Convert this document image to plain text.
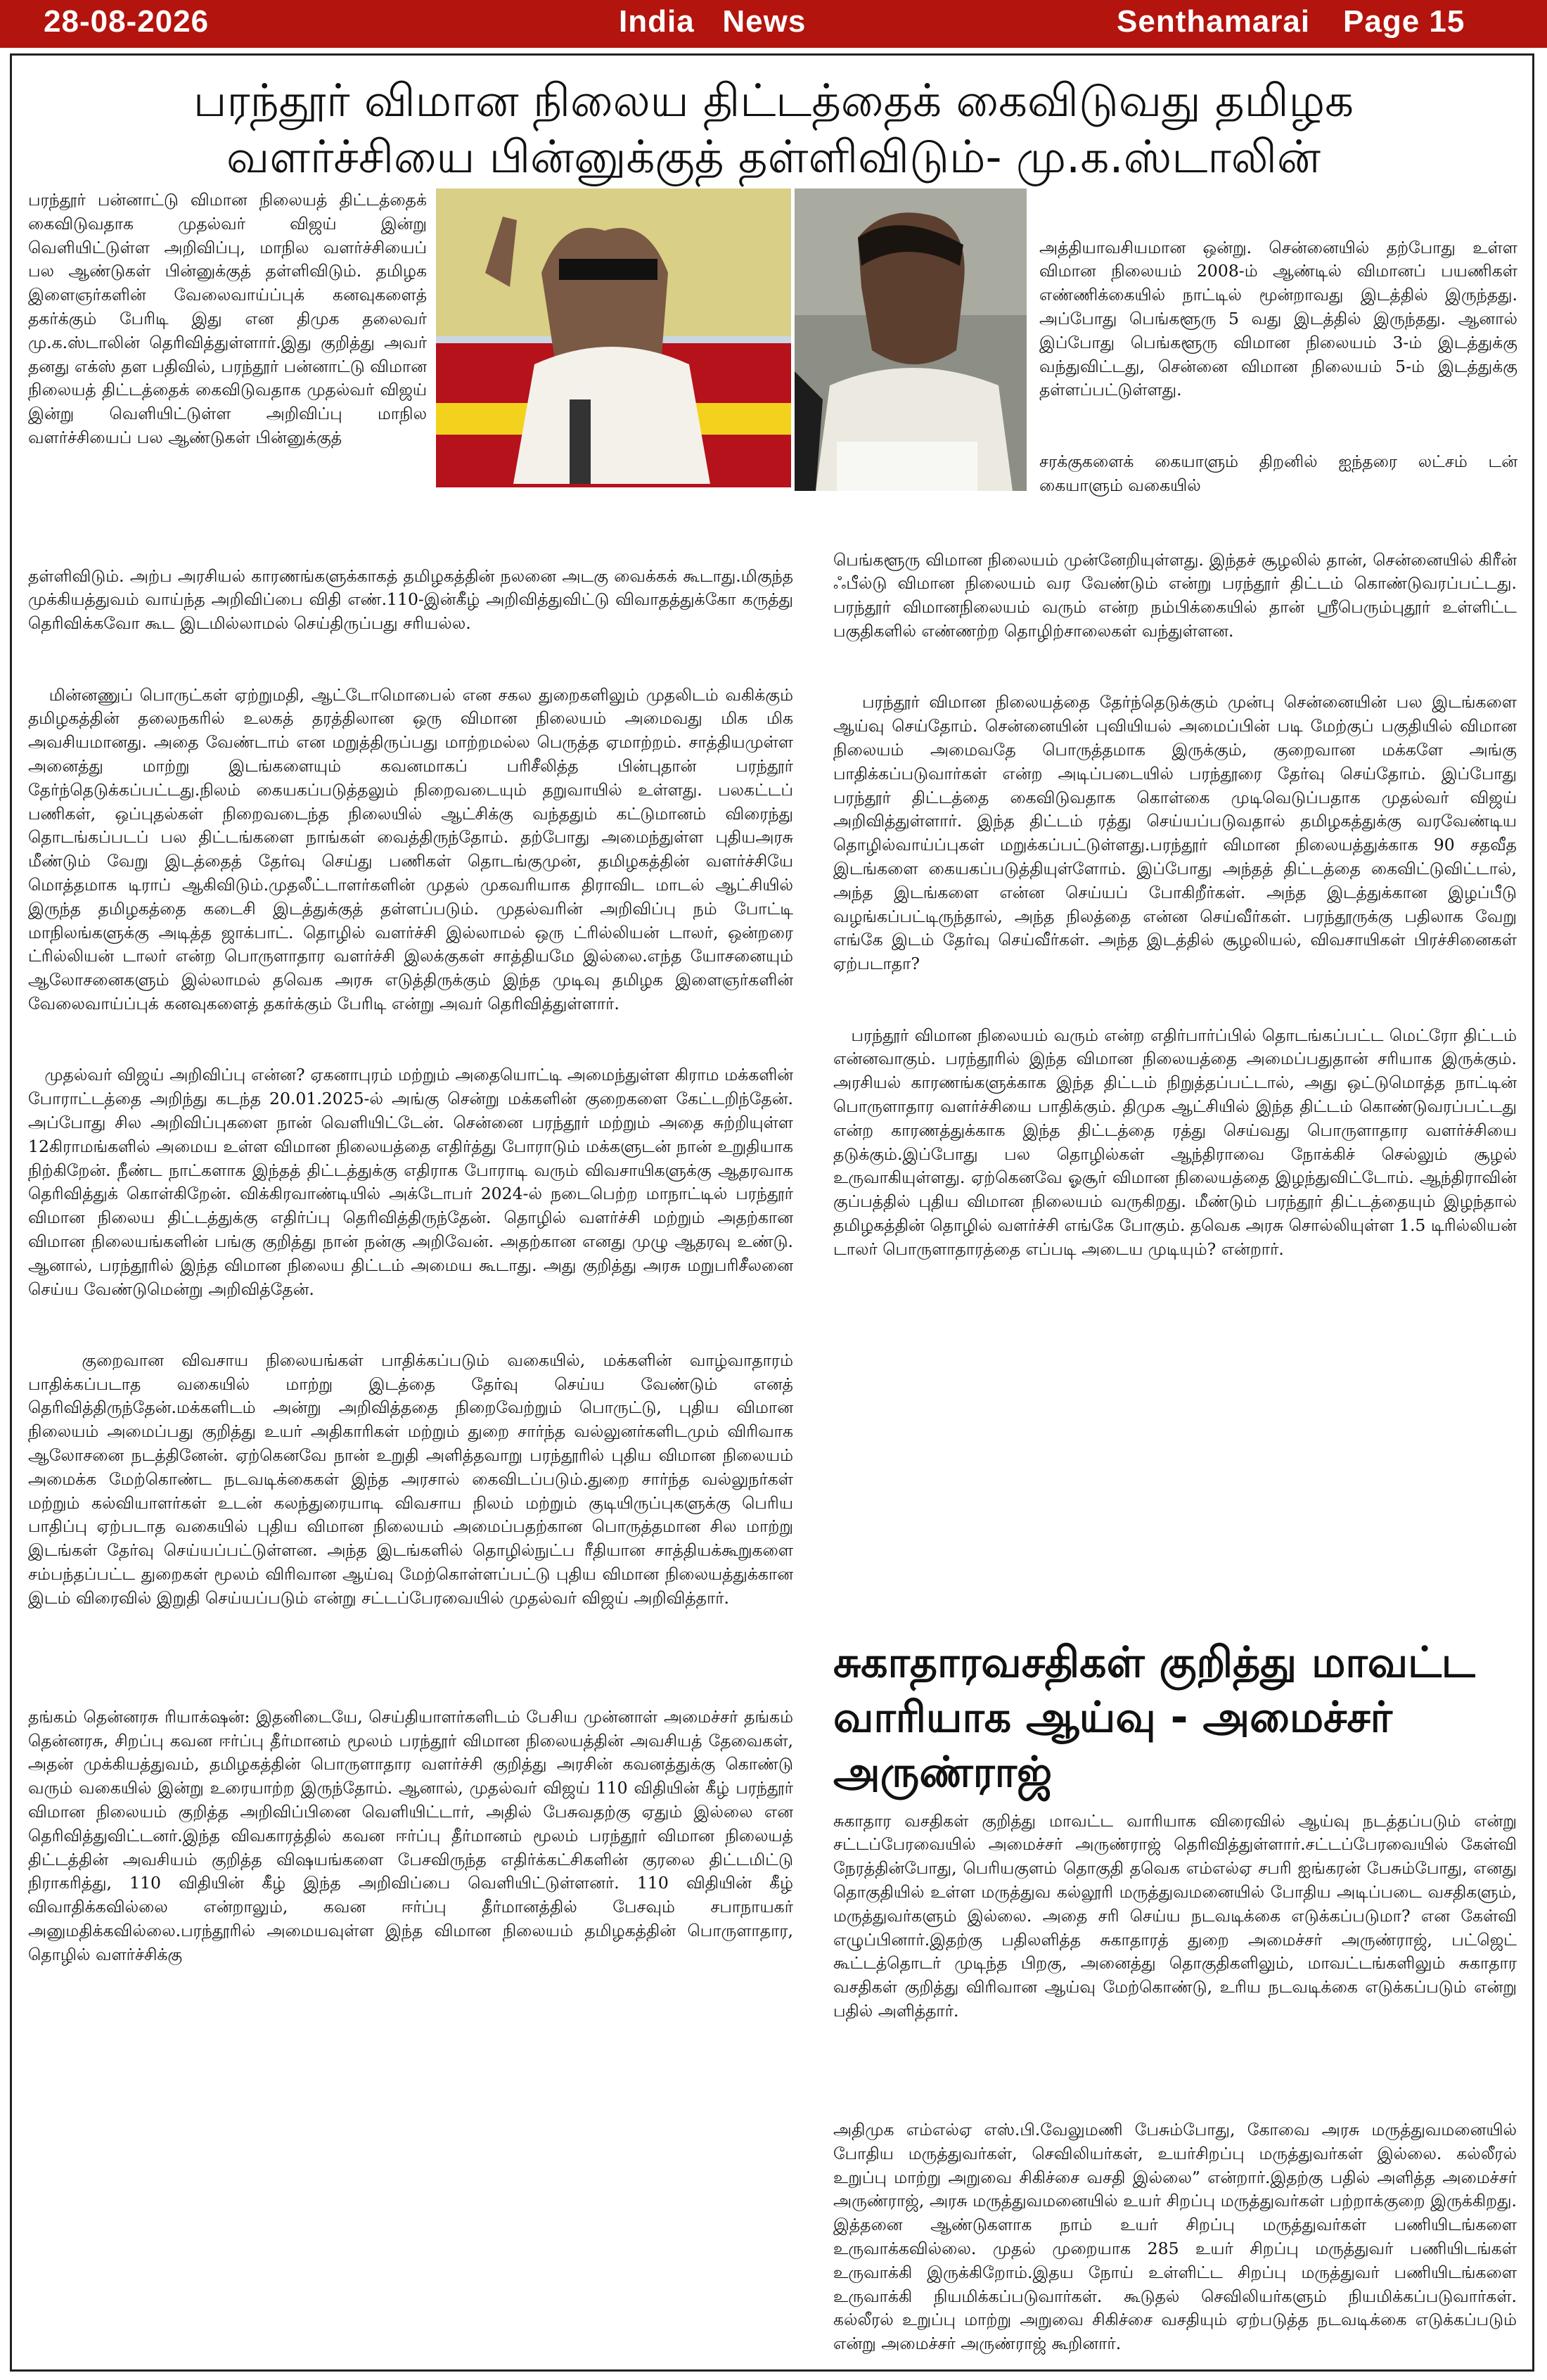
28-08-2026	India   News	Senthamarai Page 15
பரந்தூர் விமான நிலைய திட்டத்தைக் கைவிடுவது தமிழக
வளர்ச்சியை பின்னுக்குத் தள்ளிவிடும்- மு.க.ஸ்டாலின்
பரந்தூர் பன்னாட்டு விமான நிலையத் திட்டத்தைக் கைவிடுவதாக முதல்வர் விஜய் இன்று வெளியிட்டுள்ள அறிவிப்பு, மாநில வளர்ச்சியைப் பல ஆண்டுகள் பின்னுக்குத் தள்ளிவிடும். தமிழக இளைஞர்களின் வேலைவாய்ப்புக் கனவுகளைத் தகர்க்கும் பேரிடி இது என திமுக தலைவர் மு.க.ஸ்டாலின் தெரிவித்துள்ளார்.இது குறித்து அவர் தனது எக்ஸ் தள பதிவில், பரந்தூர் பன்னாட்டு விமான நிலையத் திட்டத்தைக் கைவிடுவதாக முதல்வர் விஜய் இன்று வெளியிட்டுள்ள அறிவிப்பு மாநில வளர்ச்சியைப் பல ஆண்டுகள் பின்னுக்குத்

அத்தியாவசியமான ஒன்று. சென்னையில் தற்போது உள்ள விமான நிலையம் 2008-ம் ஆண்டில் விமானப் பயணிகள் எண்ணிக்கையில் நாட்டில் மூன்றாவது இடத்தில் இருந்தது. அப்போது பெங்களூரு 5 வது இடத்தில் இருந்தது. ஆனால் இப்போது பெங்களூரு விமான நிலையம் 3-ம் இடத்துக்கு வந்துவிட்டது, சென்னை விமான நிலையம் 5-ம் இடத்துக்கு தள்ளப்பட்டுள்ளது.

சரக்குகளைக் கையாளும் திறனில் ஐந்தரை லட்சம் டன் கையாளும் வகையில்

தள்ளிவிடும். அற்ப அரசியல் காரணங்களுக்காகத் தமிழகத்தின் நலனை அடகு வைக்கக் கூடாது.மிகுந்த முக்கியத்துவம் வாய்ந்த அறிவிப்பை விதி எண்.110-இன்கீழ் அறிவித்துவிட்டு விவாதத்துக்கோ கருத்து தெரிவிக்கவோ கூட இடமில்லாமல் செய்திருப்பது சரியல்ல.

மின்னணுப் பொருட்கள் ஏற்றுமதி, ஆட்டோமொபைல் என சகல துறைகளிலும் முதலிடம் வகிக்கும் தமிழகத்தின் தலைநகரில் உலகத் தரத்திலான ஒரு விமான நிலையம் அமைவது மிக மிக அவசியமானது. அதை வேண்டாம் என மறுத்திருப்பது மாற்றமல்ல பெருத்த ஏமாற்றம். சாத்தியமுள்ள அனைத்து மாற்று இடங்களையும் கவனமாகப் பரிசீலித்த பின்புதான் பரந்தூர் தேர்ந்தெடுக்கப்பட்டது.நிலம் கையகப்படுத்தலும் நிறைவடையும் தறுவாயில் உள்ளது. பலகட்டப் பணிகள், ஒப்புதல்கள் நிறைவடைந்த நிலையில் ஆட்சிக்கு வந்ததும் கட்டுமானம் விரைந்து தொடங்கப்படப் பல திட்டங்களை நாங்கள் வைத்திருந்தோம். தற்போது அமைந்துள்ள புதியஅரசு மீண்டும் வேறு இடத்தைத் தேர்வு செய்து பணிகள் தொடங்குமுன், தமிழகத்தின் வளர்ச்சியே மொத்தமாக டிராப் ஆகிவிடும்.முதலீட்டாளர்களின் முதல் முகவரியாக திராவிட மாடல் ஆட்சியில் இருந்த தமிழகத்தை கடைசி இடத்துக்குத் தள்ளப்படும். முதல்வரின் அறிவிப்பு நம் போட்டி மாநிலங்களுக்கு அடித்த ஜாக்பாட். தொழில் வளர்ச்சி இல்லாமல் ஒரு ட்ரில்லியன் டாலர், ஒன்றரை ட்ரில்லியன் டாலர் என்ற பொருளாதார வளர்ச்சி இலக்குகள் சாத்தியமே இல்லை.எந்த யோசனையும் ஆலோசனைகளும் இல்லாமல் தவெக அரசு எடுத்திருக்கும் இந்த முடிவு தமிழக இளைஞர்களின் வேலைவாய்ப்புக் கனவுகளைத் தகர்க்கும் பேரிடி என்று அவர் தெரிவித்துள்ளார்.

முதல்வர் விஜய் அறிவிப்பு என்ன? ஏகனாபுரம் மற்றும் அதையொட்டி அமைந்துள்ள கிராம மக்களின் போராட்டத்தை அறிந்து கடந்த 20.01.2025-ல் அங்கு சென்று மக்களின் குறைகளை கேட்டறிந்தேன். அப்போது சில அறிவிப்புகளை நான் வெளியிட்டேன். சென்னை பரந்தூர் மற்றும் அதை சுற்றியுள்ள 12கிராமங்களில் அமைய உள்ள விமான நிலையத்தை எதிர்த்து போராடும் மக்களுடன் நான் உறுதியாக நிற்கிறேன். நீண்ட நாட்களாக இந்தத் திட்டத்துக்கு எதிராக போராடி வரும் விவசாயிகளுக்கு ஆதரவாக தெரிவித்துக் கொள்கிறேன். விக்கிரவாண்டியில் அக்டோபர் 2024-ல் நடைபெற்ற மாநாட்டில் பரந்தூர் விமான நிலைய திட்டத்துக்கு எதிர்ப்பு தெரிவித்திருந்தேன். தொழில் வளர்ச்சி மற்றும் அதற்கான விமான நிலையங்களின் பங்கு குறித்து நான் நன்கு அறிவேன். அதற்கான எனது முழு ஆதரவு உண்டு. ஆனால், பரந்தூரில் இந்த விமான நிலைய திட்டம் அமைய கூடாது. அது குறித்து அரசு மறுபரிசீலனை செய்ய வேண்டுமென்று அறிவித்தேன்.

குறைவான விவசாய நிலையங்கள் பாதிக்கப்படும் வகையில், மக்களின் வாழ்வாதாரம் பாதிக்கப்படாத வகையில் மாற்று இடத்தை தேர்வு செய்ய வேண்டும் எனத் தெரிவித்திருந்தேன்.மக்களிடம் அன்று அறிவித்ததை நிறைவேற்றும் பொருட்டு, புதிய விமான நிலையம் அமைப்பது குறித்து உயர் அதிகாரிகள் மற்றும் துறை சார்ந்த வல்லுனர்களிடமும் விரிவாக ஆலோசனை நடத்தினேன். ஏற்கெனவே நான் உறுதி அளித்தவாறு பரந்தூரில் புதிய விமான நிலையம் அமைக்க மேற்கொண்ட நடவடிக்கைகள் இந்த அரசால் கைவிடப்படும்.துறை சார்ந்த வல்லுநர்கள் மற்றும் கல்வியாளர்கள் உடன் கலந்துரையாடி விவசாய நிலம் மற்றும் குடியிருப்புகளுக்கு பெரிய பாதிப்பு ஏற்படாத வகையில் புதிய விமான நிலையம் அமைப்பதற்கான பொருத்தமான சில மாற்று இடங்கள் தேர்வு செய்யப்பட்டுள்ளன. அந்த இடங்களில் தொழில்நுட்ப ரீதியான சாத்தியக்கூறுகளை சம்பந்தப்பட்ட துறைகள் மூலம் விரிவான ஆய்வு மேற்கொள்ளப்பட்டு புதிய விமான நிலையத்துக்கான இடம் விரைவில் இறுதி செய்யப்படும் என்று சட்டப்பேரவையில் முதல்வர் விஜய் அறிவித்தார்.

தங்கம் தென்னரசு ரியாக்‌ஷன்: இதனிடையே, செய்தியாளர்களிடம் பேசிய முன்னாள் அமைச்சர் தங்கம் தென்னரசு, சிறப்பு கவன ஈர்ப்பு தீர்மானம் மூலம் பரந்தூர் விமான நிலையத்தின் அவசியத் தேவைகள், அதன் முக்கியத்துவம், தமிழகத்தின் பொருளாதார வளர்ச்சி குறித்து அரசின் கவனத்துக்கு கொண்டு வரும் வகையில் இன்று உரையாற்ற இருந்தோம். ஆனால், முதல்வர் விஜய் 110 விதியின் கீழ் பரந்தூர் விமான நிலையம் குறித்த அறிவிப்பினை வெளியிட்டார், அதில் பேசுவதற்கு ஏதும் இல்லை என தெரிவித்துவிட்டனர்.இந்த விவகாரத்தில் கவன ஈர்ப்பு தீர்மானம் மூலம் பரந்தூர் விமான நிலையத் திட்டத்தின் அவசியம் குறித்த விஷயங்களை பேசவிருந்த எதிர்க்கட்சிகளின் குரலை திட்டமிட்டு நிராகரித்து, 110 விதியின் கீழ் இந்த அறிவிப்பை வெளியிட்டுள்ளனர். 110 விதியின் கீழ் விவாதிக்கவில்லை என்றாலும், கவன ஈர்ப்பு தீர்மானத்தில் பேசவும் சபாநாயகர் அனுமதிக்கவில்லை.பரந்தூரில் அமையவுள்ள இந்த விமான நிலையம் தமிழகத்தின் பொருளாதார, தொழில் வளர்ச்சிக்கு

பெங்களூரு விமான நிலையம் முன்னேறியுள்ளது. இந்தச் சூழலில் தான், சென்னையில் கிரீன் ஃபீல்டு விமான நிலையம் வர வேண்டும் என்று பரந்தூர் திட்டம் கொண்டுவரப்பட்டது. பரந்தூர் விமானநிலையம் வரும் என்ற நம்பிக்கையில் தான் ஸ்ரீபெரும்புதூர் உள்ளிட்ட பகுதிகளில் எண்ணற்ற தொழிற்சாலைகள் வந்துள்ளன.

பரந்தூர் விமான நிலையத்தை தேர்ந்தெடுக்கும் முன்பு சென்னையின் பல இடங்களை ஆய்வு செய்தோம். சென்னையின் புவியியல் அமைப்பின் படி மேற்குப் பகுதியில் விமான நிலையம் அமைவதே பொருத்தமாக இருக்கும், குறைவான மக்களே அங்கு பாதிக்கப்படுவார்கள் என்ற அடிப்படையில் பரந்தூரை தேர்வு செய்தோம். இப்போது பரந்தூர் திட்டத்தை கைவிடுவதாக கொள்கை முடிவெடுப்பதாக முதல்வர் விஜய் அறிவித்துள்ளார். இந்த திட்டம் ரத்து செய்யப்படுவதால் தமிழகத்துக்கு வரவேண்டிய தொழில்வாய்ப்புகள் மறுக்கப்பட்டுள்ளது.பரந்தூர் விமான நிலையத்துக்காக 90 சதவீத இடங்களை கையகப்படுத்தியுள்ளோம். இப்போது அந்தத் திட்டத்தை கைவிட்டுவிட்டால், அந்த இடங்களை என்ன செய்யப் போகிறீர்கள். அந்த இடத்துக்கான இழப்பீடு வழங்கப்பட்டிருந்தால், அந்த நிலத்தை என்ன செய்வீர்கள். பரந்தூருக்கு பதிலாக வேறு எங்கே இடம் தேர்வு செய்வீர்கள். அந்த இடத்தில் சூழலியல், விவசாயிகள் பிரச்சினைகள் ஏற்படாதா?

பரந்தூர் விமான நிலையம் வரும் என்ற எதிர்பார்ப்பில் தொடங்கப்பட்ட மெட்ரோ திட்டம் என்னவாகும். பரந்தூரில் இந்த விமான நிலையத்தை அமைப்பதுதான் சரியாக இருக்கும். அரசியல் காரணங்களுக்காக இந்த திட்டம் நிறுத்தப்பட்டால், அது ஒட்டுமொத்த நாட்டின் பொருளாதார வளர்ச்சியை பாதிக்கும். திமுக ஆட்சியில் இந்த திட்டம் கொண்டுவரப்பட்டது என்ற காரணத்துக்காக இந்த திட்டத்தை ரத்து செய்வது பொருளாதார வளர்ச்சியை தடுக்கும்.இப்போது பல தொழில்கள் ஆந்திராவை நோக்கிச் செல்லும் சூழல் உருவாகியுள்ளது. ஏற்கெனவே ஓசூர் விமான நிலையத்தை இழந்துவிட்டோம். ஆந்திராவின் குப்பத்தில் புதிய விமான நிலையம் வருகிறது. மீண்டும் பரந்தூர் திட்டத்தையும் இழந்தால் தமிழகத்தின் தொழில் வளர்ச்சி எங்கே போகும். தவெக அரசு சொல்லியுள்ள 1.5 டிரில்லியன் டாலர் பொருளாதாரத்தை எப்படி அடைய முடியும்? என்றார்.

சுகாதாரவசதிகள் குறித்து மாவட்ட வாரியாக ஆய்வு - அமைச்சர் அருண்ராஜ்

சுகாதார வசதிகள் குறித்து மாவட்ட வாரியாக விரைவில் ஆய்வு நடத்தப்படும் என்று சட்டப்பேரவையில் அமைச்சர் அருண்ராஜ் தெரிவித்துள்ளார்.சட்டப்பேரவையில் கேள்வி நேரத்தின்போது, பெரியகுளம் தொகுதி தவெக எம்எல்ஏ சபரி ஐங்கரன் பேசும்போது, எனது தொகுதியில் உள்ள மருத்துவ கல்லூரி மருத்துவமனையில் போதிய அடிப்படை வசதிகளும், மருத்துவர்களும் இல்லை. அதை சரி செய்ய நடவடிக்கை எடுக்கப்படுமா? என கேள்வி எழுப்பினார்.இதற்கு பதிலளித்த சுகாதாரத் துறை அமைச்சர் அருண்ராஜ், பட்ஜெட் கூட்டத்தொடர் முடிந்த பிறகு, அனைத்து தொகுதிகளிலும், மாவட்டங்களிலும் சுகாதார வசதிகள் குறித்து விரிவான ஆய்வு மேற்கொண்டு, உரிய நடவடிக்கை எடுக்கப்படும் என்று பதில் அளித்தார்.

அதிமுக எம்எல்ஏ எஸ்.பி.வேலுமணி பேசும்போது, கோவை அரசு மருத்துவமனையில் போதிய மருத்துவர்கள், செவிலியர்கள், உயர்சிறப்பு மருத்துவர்கள் இல்லை. கல்லீரல் உறுப்பு மாற்று அறுவை சிகிச்சை வசதி இல்லை” என்றார்.இதற்கு பதில் அளித்த அமைச்சர் அருண்ராஜ், அரசு மருத்துவமனையில் உயர் சிறப்பு மருத்துவர்கள் பற்றாக்குறை இருக்கிறது. இத்தனை ஆண்டுகளாக நாம் உயர் சிறப்பு மருத்துவர்கள் பணியிடங்களை உருவாக்கவில்லை. முதல் முறையாக 285 உயர் சிறப்பு மருத்துவர் பணியிடங்கள் உருவாக்கி இருக்கிறோம்.இதய நோய் உள்ளிட்ட சிறப்பு மருத்துவர் பணியிடங்களை உருவாக்கி நியமிக்கப்படுவார்கள். கூடுதல் செவிலியர்களும் நியமிக்கப்படுவார்கள். கல்லீரல் உறுப்பு மாற்று அறுவை சிகிச்சை வசதியும் ஏற்படுத்த நடவடிக்கை எடுக்கப்படும் என்று அமைச்சர் அருண்ராஜ் கூறினார்.
